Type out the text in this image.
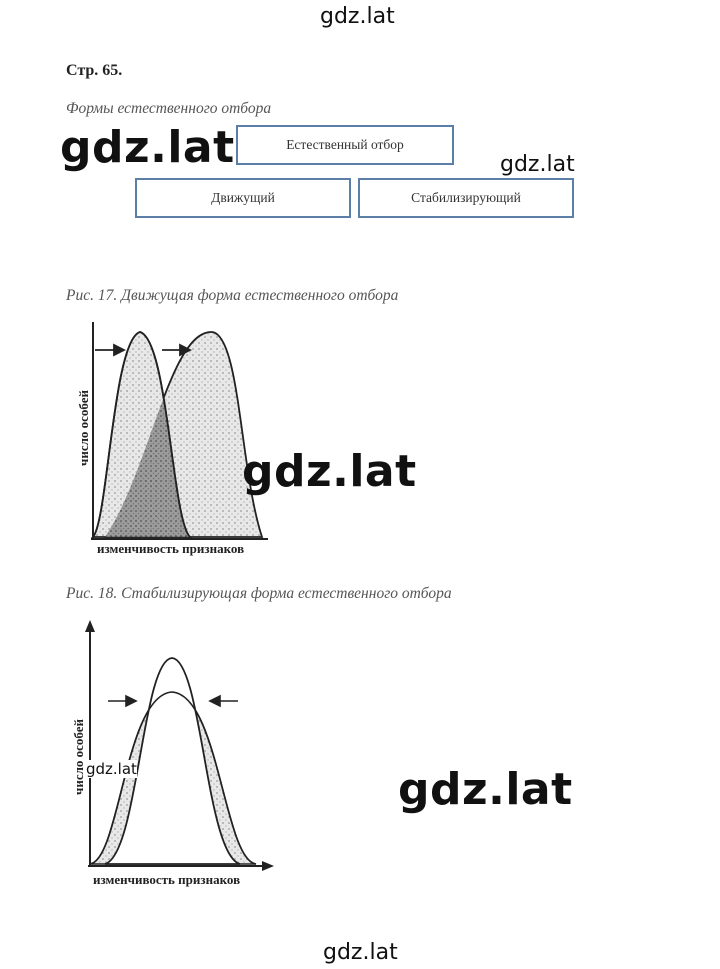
gdz.lat
Стр. 65.
Формы естественного отбора
Естественный отбор
Движущий	Стабилизирующий
gdz.lat	gdz.lat
Рис. 17. Движущая форма естественного отбора
число особей
изменчивость признаков
число особей
изменчивость признаков
gdz.lat
Рис. 18. Стабилизирующая форма естественного отбора
gdz.lat	gdz.lat
gdz.lat
